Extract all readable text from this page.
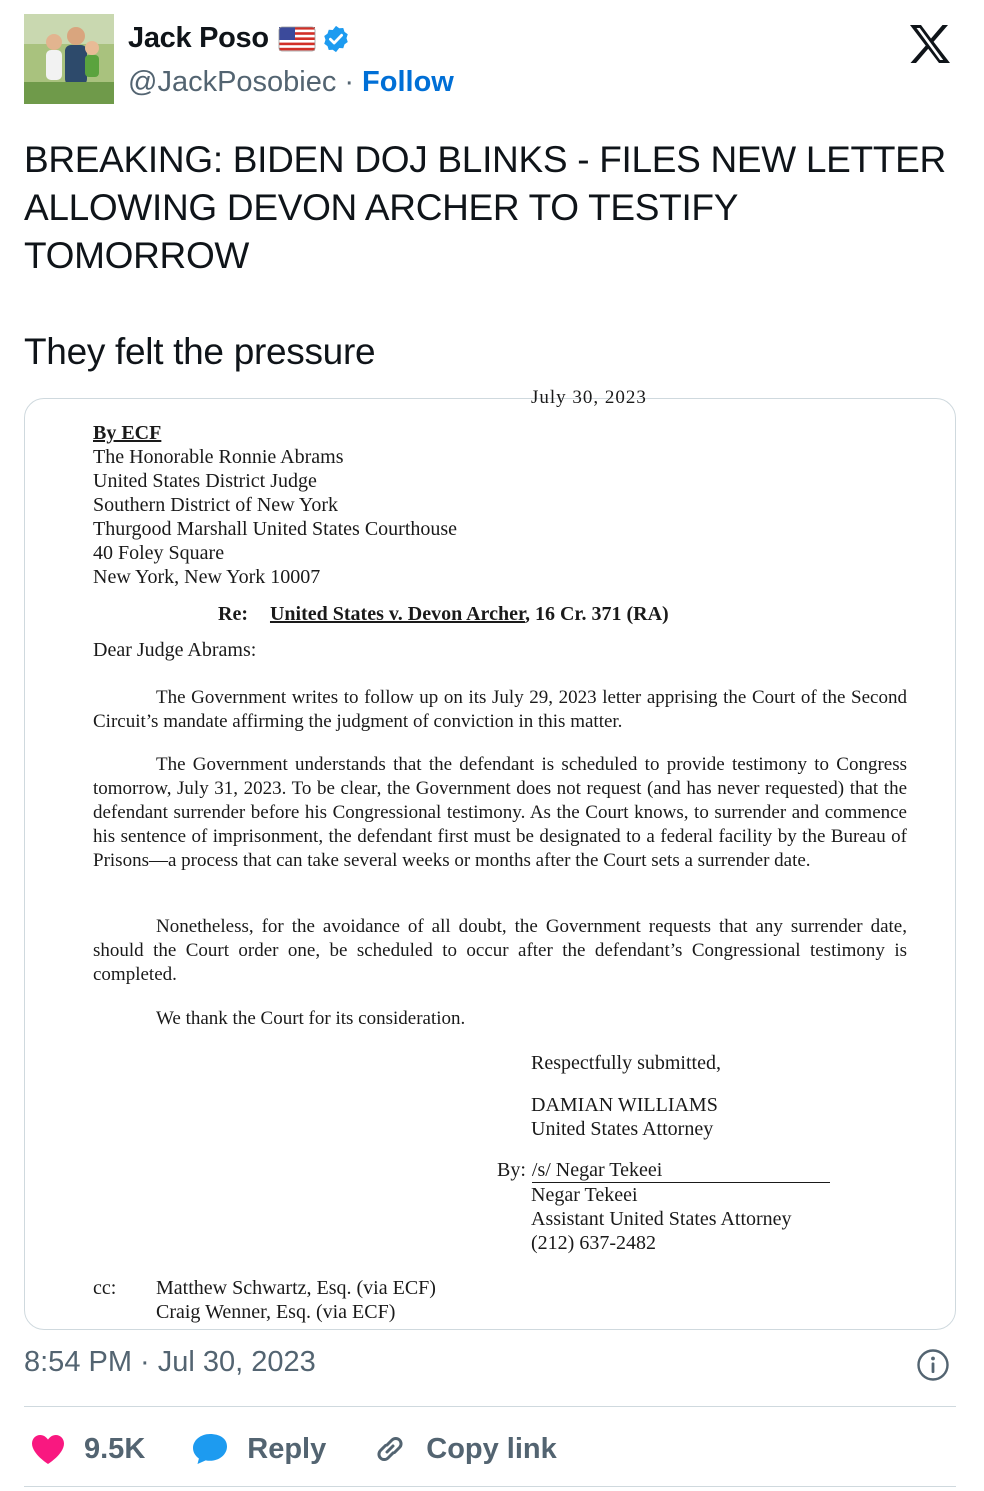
Jack Poso
@JackPosobiec · Follow

BREAKING: BIDEN DOJ BLINKS - FILES NEW LETTER ALLOWING DEVON ARCHER TO TESTIFY TOMORROW

They felt the pressure

July 30, 2023
By ECF
The Honorable Ronnie Abrams
United States District Judge
Southern District of New York
Thurgood Marshall United States Courthouse
40 Foley Square
New York, New York 10007
Re: United States v. Devon Archer, 16 Cr. 371 (RA)
Dear Judge Abrams:
The Government writes to follow up on its July 29, 2023 letter apprising the Court of the Second Circuit’s mandate affirming the judgment of conviction in this matter.
The Government understands that the defendant is scheduled to provide testimony to Congress tomorrow, July 31, 2023. To be clear, the Government does not request (and has never requested) that the defendant surrender before his Congressional testimony. As the Court knows, to surrender and commence his sentence of imprisonment, the defendant first must be designated to a federal facility by the Bureau of Prisons—a process that can take several weeks or months after the Court sets a surrender date.
Nonetheless, for the avoidance of all doubt, the Government requests that any surrender date, should the Court order one, be scheduled to occur after the defendant’s Congressional testimony is completed.
We thank the Court for its consideration.
Respectfully submitted,
DAMIAN WILLIAMS
United States Attorney
By: /s/ Negar Tekeei
Negar Tekeei
Assistant United States Attorney
(212) 637-2482
cc:	Matthew Schwartz, Esq. (via ECF)
Craig Wenner, Esq. (via ECF)
8:54 PM · Jul 30, 2023
9.5K	Reply	Copy link
